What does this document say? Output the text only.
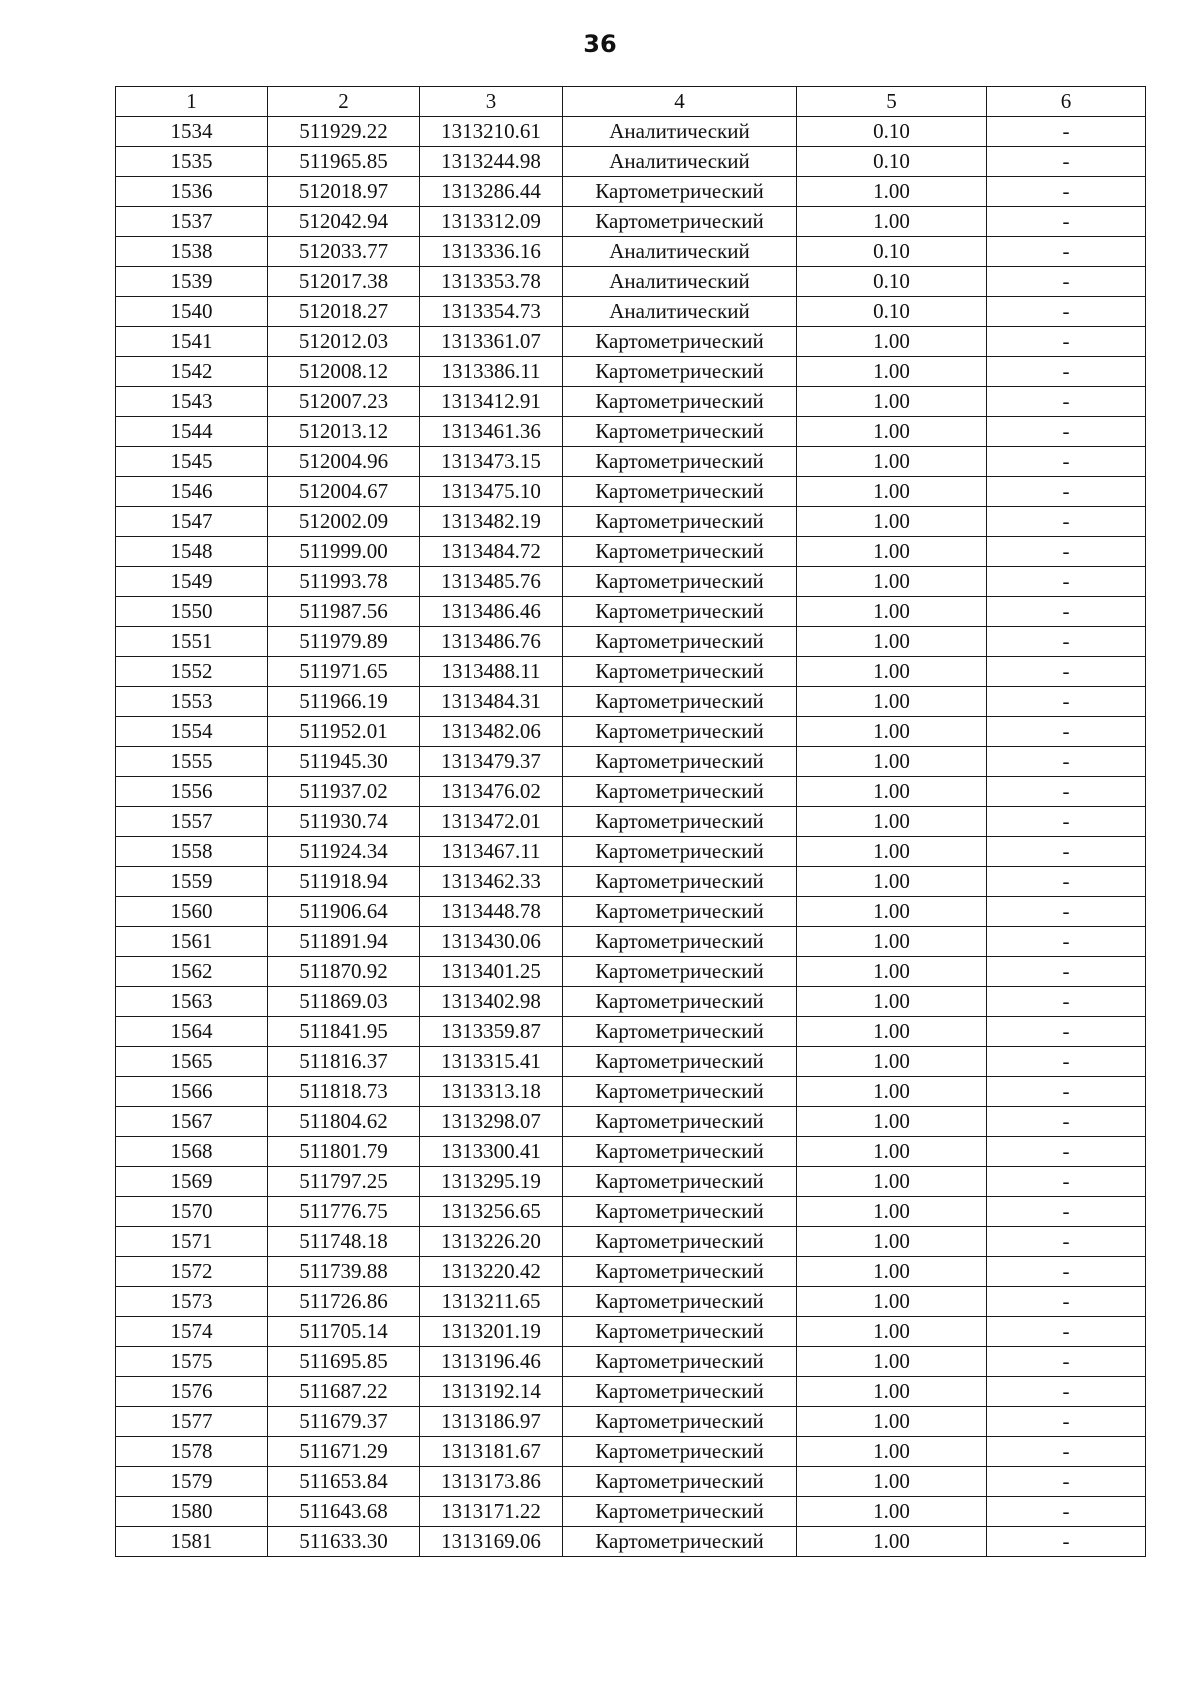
36
1	2	3	4	5	6
1534	511929.22	1313210.61	Аналитический	0.10	-
1535	511965.85	1313244.98	Аналитический	0.10	-
1536	512018.97	1313286.44	Картометрический	1.00	-
1537	512042.94	1313312.09	Картометрический	1.00	-
1538	512033.77	1313336.16	Аналитический	0.10	-
1539	512017.38	1313353.78	Аналитический	0.10	-
1540	512018.27	1313354.73	Аналитический	0.10	-
1541	512012.03	1313361.07	Картометрический	1.00	-
1542	512008.12	1313386.11	Картометрический	1.00	-
1543	512007.23	1313412.91	Картометрический	1.00	-
1544	512013.12	1313461.36	Картометрический	1.00	-
1545	512004.96	1313473.15	Картометрический	1.00	-
1546	512004.67	1313475.10	Картометрический	1.00	-
1547	512002.09	1313482.19	Картометрический	1.00	-
1548	511999.00	1313484.72	Картометрический	1.00	-
1549	511993.78	1313485.76	Картометрический	1.00	-
1550	511987.56	1313486.46	Картометрический	1.00	-
1551	511979.89	1313486.76	Картометрический	1.00	-
1552	511971.65	1313488.11	Картометрический	1.00	-
1553	511966.19	1313484.31	Картометрический	1.00	-
1554	511952.01	1313482.06	Картометрический	1.00	-
1555	511945.30	1313479.37	Картометрический	1.00	-
1556	511937.02	1313476.02	Картометрический	1.00	-
1557	511930.74	1313472.01	Картометрический	1.00	-
1558	511924.34	1313467.11	Картометрический	1.00	-
1559	511918.94	1313462.33	Картометрический	1.00	-
1560	511906.64	1313448.78	Картометрический	1.00	-
1561	511891.94	1313430.06	Картометрический	1.00	-
1562	511870.92	1313401.25	Картометрический	1.00	-
1563	511869.03	1313402.98	Картометрический	1.00	-
1564	511841.95	1313359.87	Картометрический	1.00	-
1565	511816.37	1313315.41	Картометрический	1.00	-
1566	511818.73	1313313.18	Картометрический	1.00	-
1567	511804.62	1313298.07	Картометрический	1.00	-
1568	511801.79	1313300.41	Картометрический	1.00	-
1569	511797.25	1313295.19	Картометрический	1.00	-
1570	511776.75	1313256.65	Картометрический	1.00	-
1571	511748.18	1313226.20	Картометрический	1.00	-
1572	511739.88	1313220.42	Картометрический	1.00	-
1573	511726.86	1313211.65	Картометрический	1.00	-
1574	511705.14	1313201.19	Картометрический	1.00	-
1575	511695.85	1313196.46	Картометрический	1.00	-
1576	511687.22	1313192.14	Картометрический	1.00	-
1577	511679.37	1313186.97	Картометрический	1.00	-
1578	511671.29	1313181.67	Картометрический	1.00	-
1579	511653.84	1313173.86	Картометрический	1.00	-
1580	511643.68	1313171.22	Картометрический	1.00	-
1581	511633.30	1313169.06	Картометрический	1.00	-
